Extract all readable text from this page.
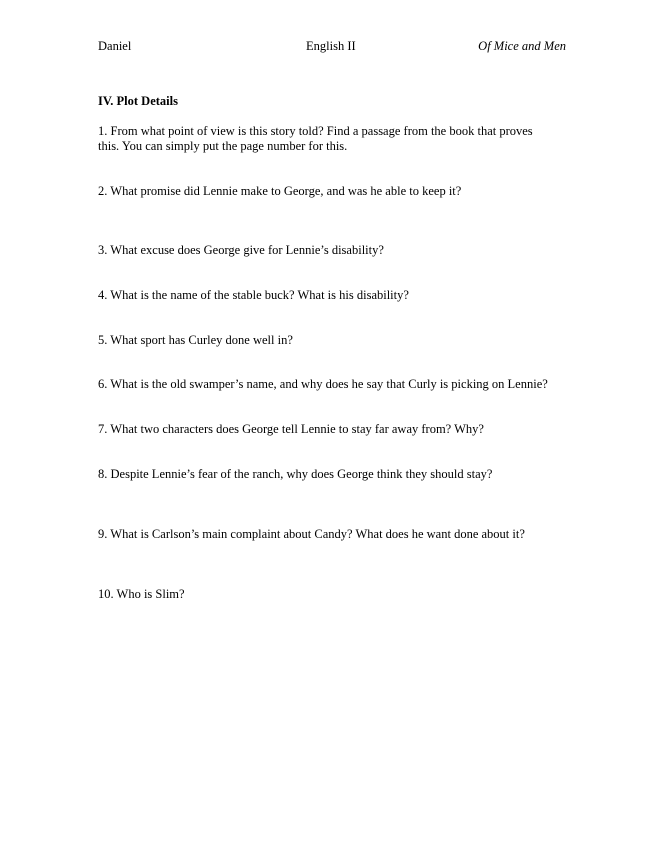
Daniel	English II	Of Mice and Men
IV. Plot Details
1. From what point of view is this story told? Find a passage from the book that proves
this. You can simply put the page number for this.
2. What promise did Lennie make to George, and was he able to keep it?
3. What excuse does George give for Lennie’s disability?
4. What is the name of the stable buck? What is his disability?
5. What sport has Curley done well in?
6. What is the old swamper’s name, and why does he say that Curly is picking on Lennie?
7. What two characters does George tell Lennie to stay far away from? Why?
8. Despite Lennie’s fear of the ranch, why does George think they should stay?
9. What is Carlson’s main complaint about Candy? What does he want done about it?
10. Who is Slim?
